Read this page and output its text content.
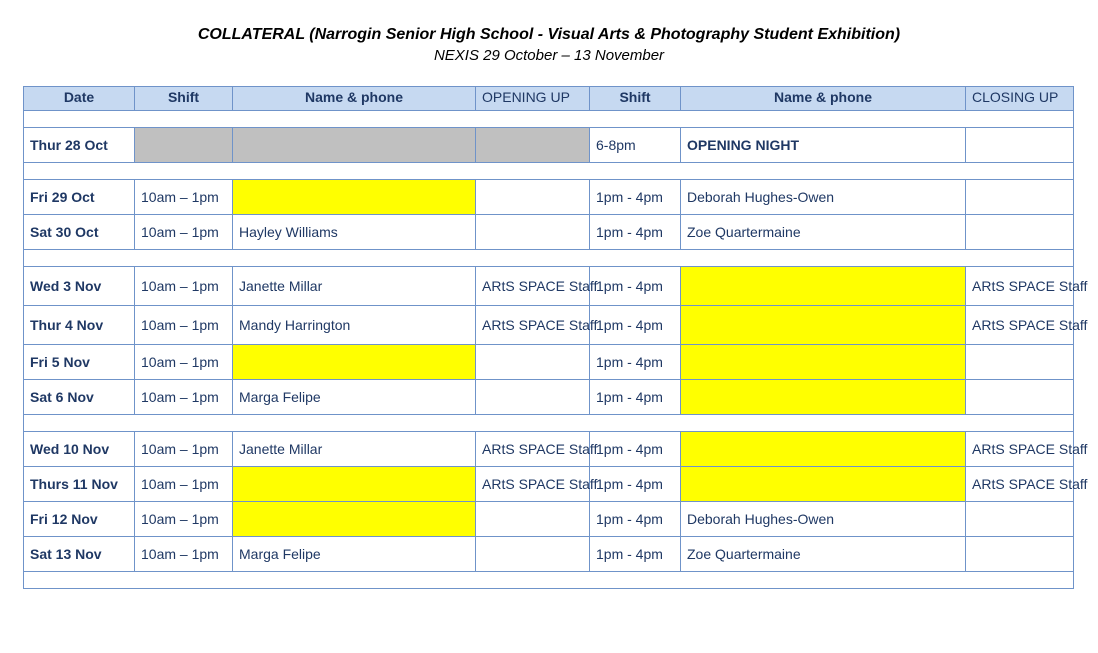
COLLATERAL (Narrogin Senior High School - Visual Arts & Photography Student Exhibition)
NEXIS 29 October – 13 November
Date	Shift	Name & phone	OPENING UP	Shift	Name & phone	CLOSING UP

Thur 28 Oct				6-8pm	OPENING NIGHT	

Fri 29 Oct	10am – 1pm			1pm - 4pm	Deborah Hughes-Owen	
Sat 30 Oct	10am – 1pm	Hayley Williams		1pm - 4pm	Zoe Quartermaine	

Wed 3 Nov	10am – 1pm	Janette Millar	ARtS SPACE Staff	1pm - 4pm		ARtS SPACE Staff
Thur 4 Nov	10am – 1pm	Mandy Harrington	ARtS SPACE Staff	1pm - 4pm		ARtS SPACE Staff
Fri 5 Nov	10am – 1pm			1pm - 4pm		
Sat 6 Nov	10am – 1pm	Marga Felipe		1pm - 4pm		

Wed 10 Nov	10am – 1pm	Janette Millar	ARtS SPACE Staff	1pm - 4pm		ARtS SPACE Staff
Thurs 11 Nov	10am – 1pm		ARtS SPACE Staff	1pm - 4pm		ARtS SPACE Staff
Fri 12 Nov	10am – 1pm			1pm - 4pm	Deborah Hughes-Owen	
Sat 13 Nov	10am – 1pm	Marga Felipe		1pm - 4pm	Zoe Quartermaine	
